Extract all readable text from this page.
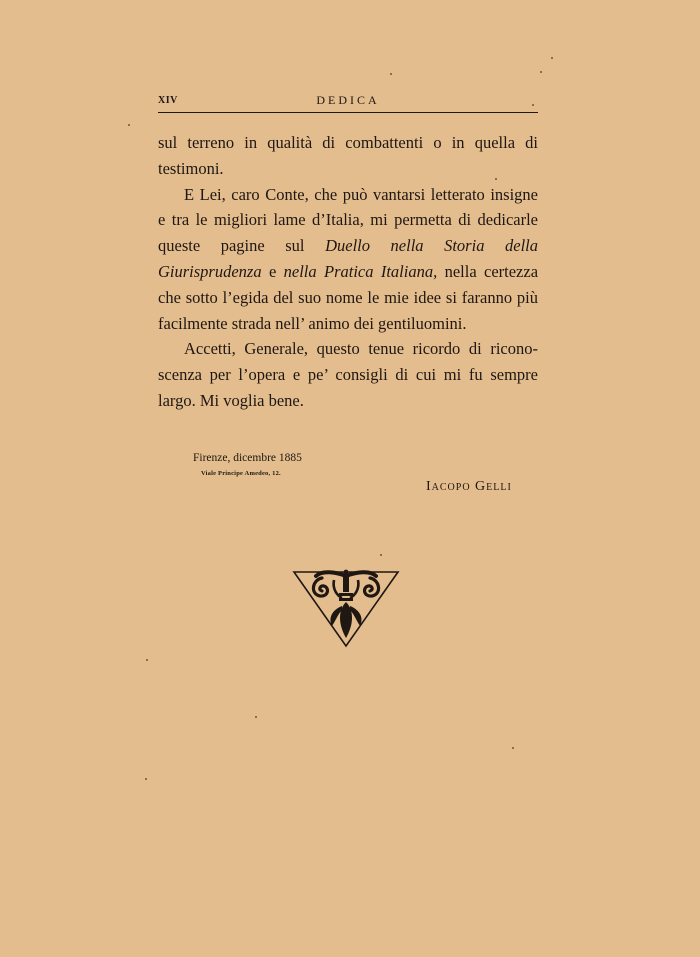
XIV	DEDICA

sul terreno in qualità di combattenti o in quella di testimoni.

E Lei, caro Conte, che può vantarsi letterato insigne e tra le migliori lame d’Italia, mi permetta di dedicarle queste pagine sul Duello nella Storia della Giurisprudenza e nella Pratica Italiana, nella certezza che sotto l’egida del suo nome le mie idee si faranno più facilmente strada nell’ animo dei gentiluomini.

Accetti, Generale, questo tenue ricordo di riconoscenza per l’opera e pe’ consigli di cui mi fu sempre largo. Mi voglia bene.

Firenze, dicembre 1885
Viale Principe Amedeo, 12.
Iacopo Gelli
